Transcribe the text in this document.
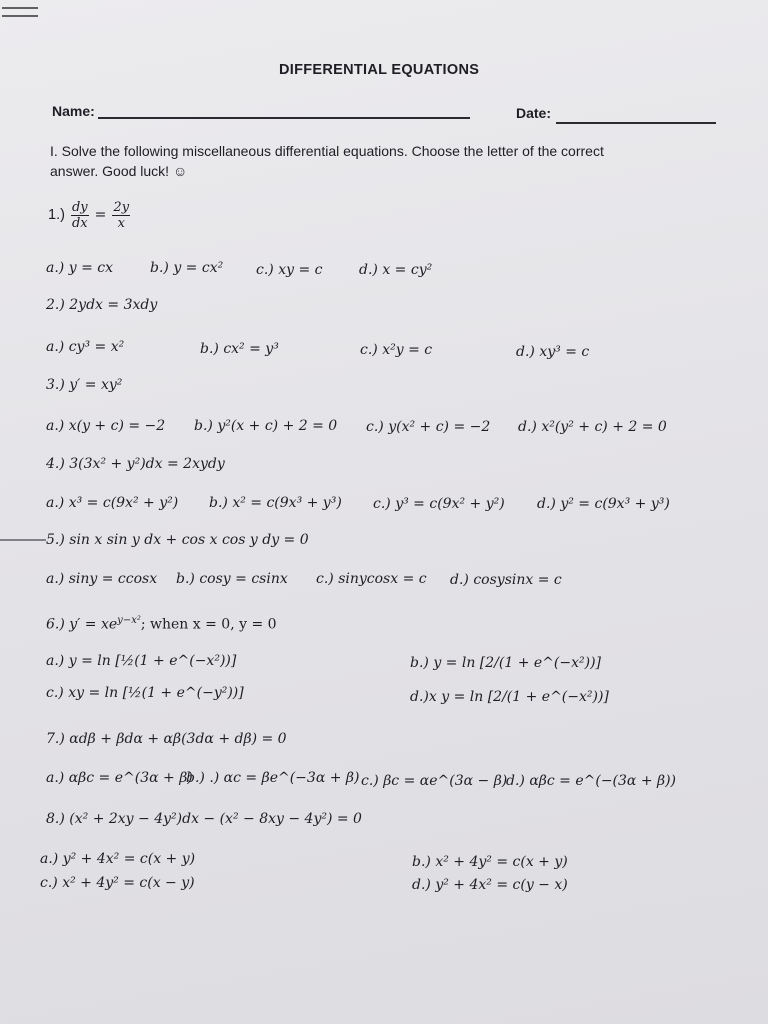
DIFFERENTIAL EQUATIONS
Name:	Date:
I. Solve the following miscellaneous differential equations. Choose the letter of the correct
answer. Good luck! ☺
$1.) \frac{dy}{dx} = \frac{2y}{x}$
a.) y = cx	b.) y = cx² c.) xy = c	d.) x = cy²
2.) 2ydx = 3xdy
a.) cy³ = x²	b.) cx² = y³	c.) x²y = c	d.) xy³ = c
3.) y′ = xy²
a.) x(y + c) = −2 b.) y²(x + c) + 2 = 0 c.) y(x² + c) = −2 d.) x²(y² + c) + 2 = 0
4.) 3(3x² + y²)dx = 2xydy
a.) x³ = c(9x² + y²) b.) x² = c(9x³ + y³) c.) y³ = c(9x² + y²) d.) y² = c(9x³ + y³)
5.) sin x sin y dx + cos x cos y dy = 0
a.) siny = ccosx b.) cosy = csinx c.) sinycosx = c d.) cosysinx = c
6.) $y' = xe^{y-x^2}$; when x = 0, y = 0
a.) y = ln [½(1 + e^(−x²))]	b.) y = ln [2/(1 + e^(−x²))]
c.) xy = ln [½(1 + e^(−y²))]	d.)x y = ln [2/(1 + e^(−x²))]
7.) αdβ + βdα + αβ(3dα + dβ) = 0
a.) αβc = e^(3α + β)
b.) .) αc = βe^(−3α + β) c.) βc = αe^(3α − β)
d.) αβc = e^(−(3α + β))
8.) (x² + 2xy − 4y²)dx − (x² − 8xy − 4y²) = 0
a.) y² + 4x² = c(x + y)	b.) x² + 4y² = c(x + y)
c.) x² + 4y² = c(x − y)	d.) y² + 4x² = c(y − x)
